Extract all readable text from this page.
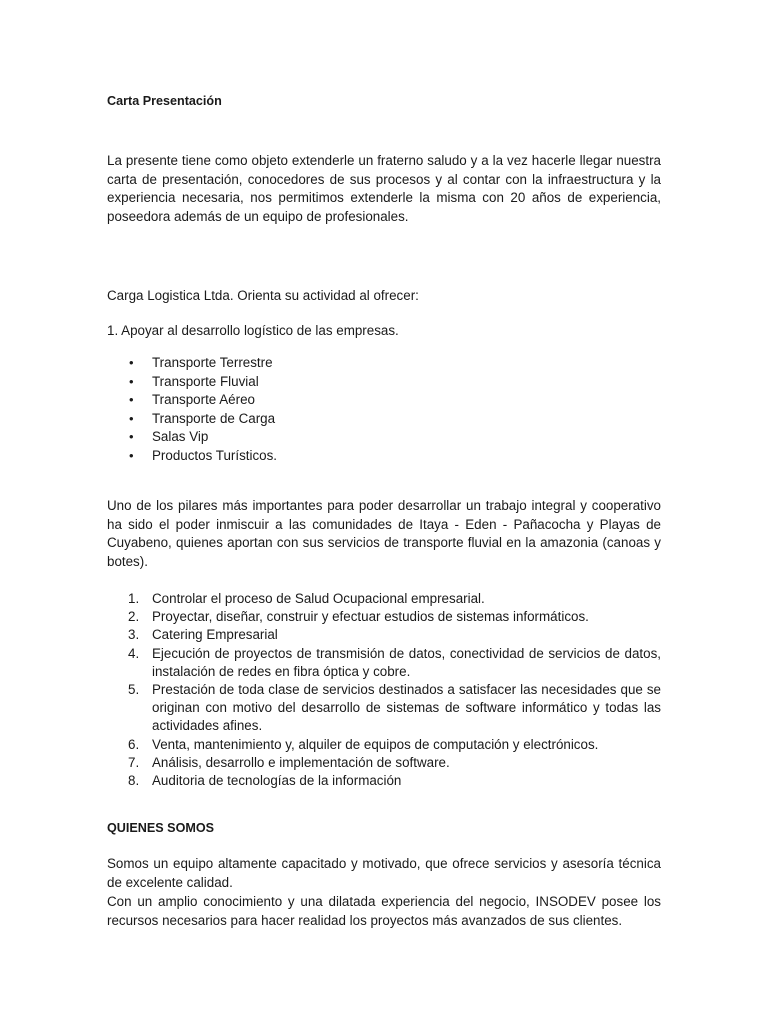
Carta Presentación

La presente tiene como objeto extenderle un fraterno saludo y a la vez hacerle llegar nuestra carta de presentación, conocedores de sus procesos y al contar con la infraestructura y la experiencia necesaria, nos permitimos extenderle la misma con 20 años de experiencia, poseedora además de un equipo de profesionales.

Carga Logistica Ltda. Orienta su actividad al ofrecer:

1. Apoyar al desarrollo logístico de las empresas.

• Transporte Terrestre
• Transporte Fluvial
• Transporte Aéreo
• Transporte de Carga
• Salas Vip
• Productos Turísticos.

Uno de los pilares más importantes para poder desarrollar un trabajo integral y cooperativo ha sido el poder inmiscuir a las comunidades de Itaya - Eden - Pañacocha y Playas de Cuyabeno, quienes aportan con sus servicios de transporte fluvial en la amazonia (canoas y botes).

1. Controlar el proceso de Salud Ocupacional empresarial.
2. Proyectar, diseñar, construir y efectuar estudios de sistemas informáticos.
3. Catering Empresarial
4. Ejecución de proyectos de transmisión de datos, conectividad de servicios de datos, instalación de redes en fibra óptica y cobre.
5. Prestación de toda clase de servicios destinados a satisfacer las necesidades que se originan con motivo del desarrollo de sistemas de software informático y todas las actividades afines.
6. Venta, mantenimiento y, alquiler de equipos de computación y electrónicos.
7. Análisis, desarrollo e implementación de software.
8. Auditoria de tecnologías de la información
QUIENES SOMOS

Somos un equipo altamente capacitado y motivado, que ofrece servicios y asesoría técnica de excelente calidad.

Con un amplio conocimiento y una dilatada experiencia del negocio, INSODEV posee los recursos necesarios para hacer realidad los proyectos más avanzados de sus clientes.
